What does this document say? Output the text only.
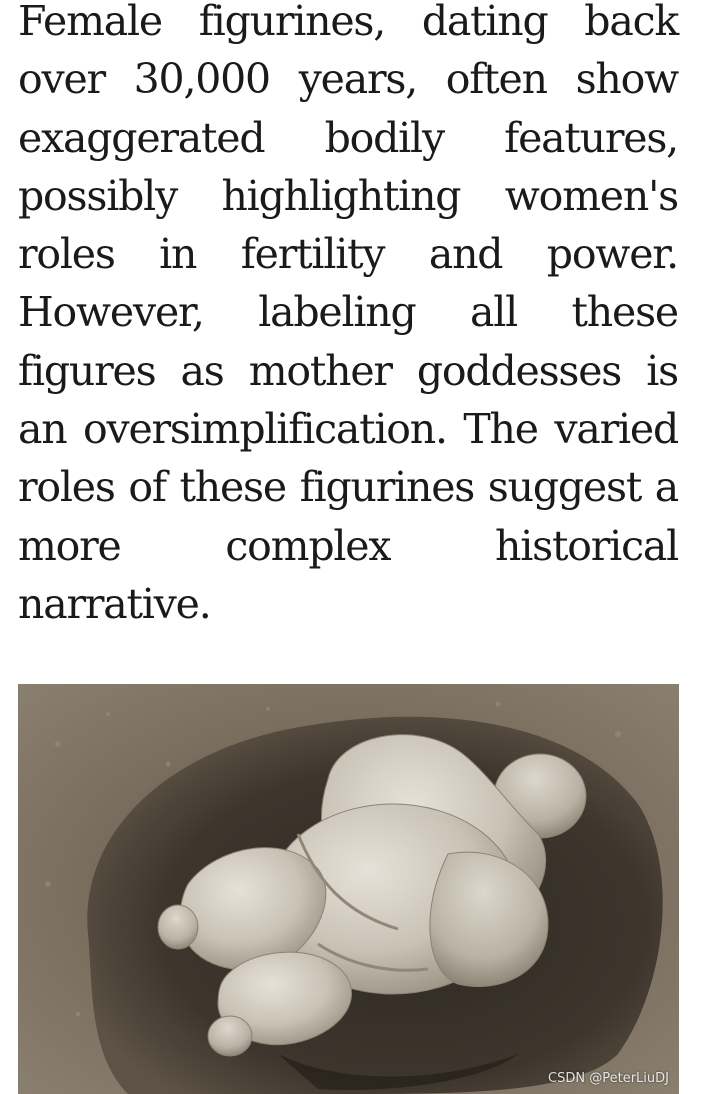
Female figurines, dating back over 30,000 years, often show exaggerated bodily features, possibly highlighting women's roles in fertility and power. However, labeling all these figures as mother goddesses is an oversimplification. The varied roles of these figurines suggest a more complex historical narrative.

CSDN @PeterLiuDJ
